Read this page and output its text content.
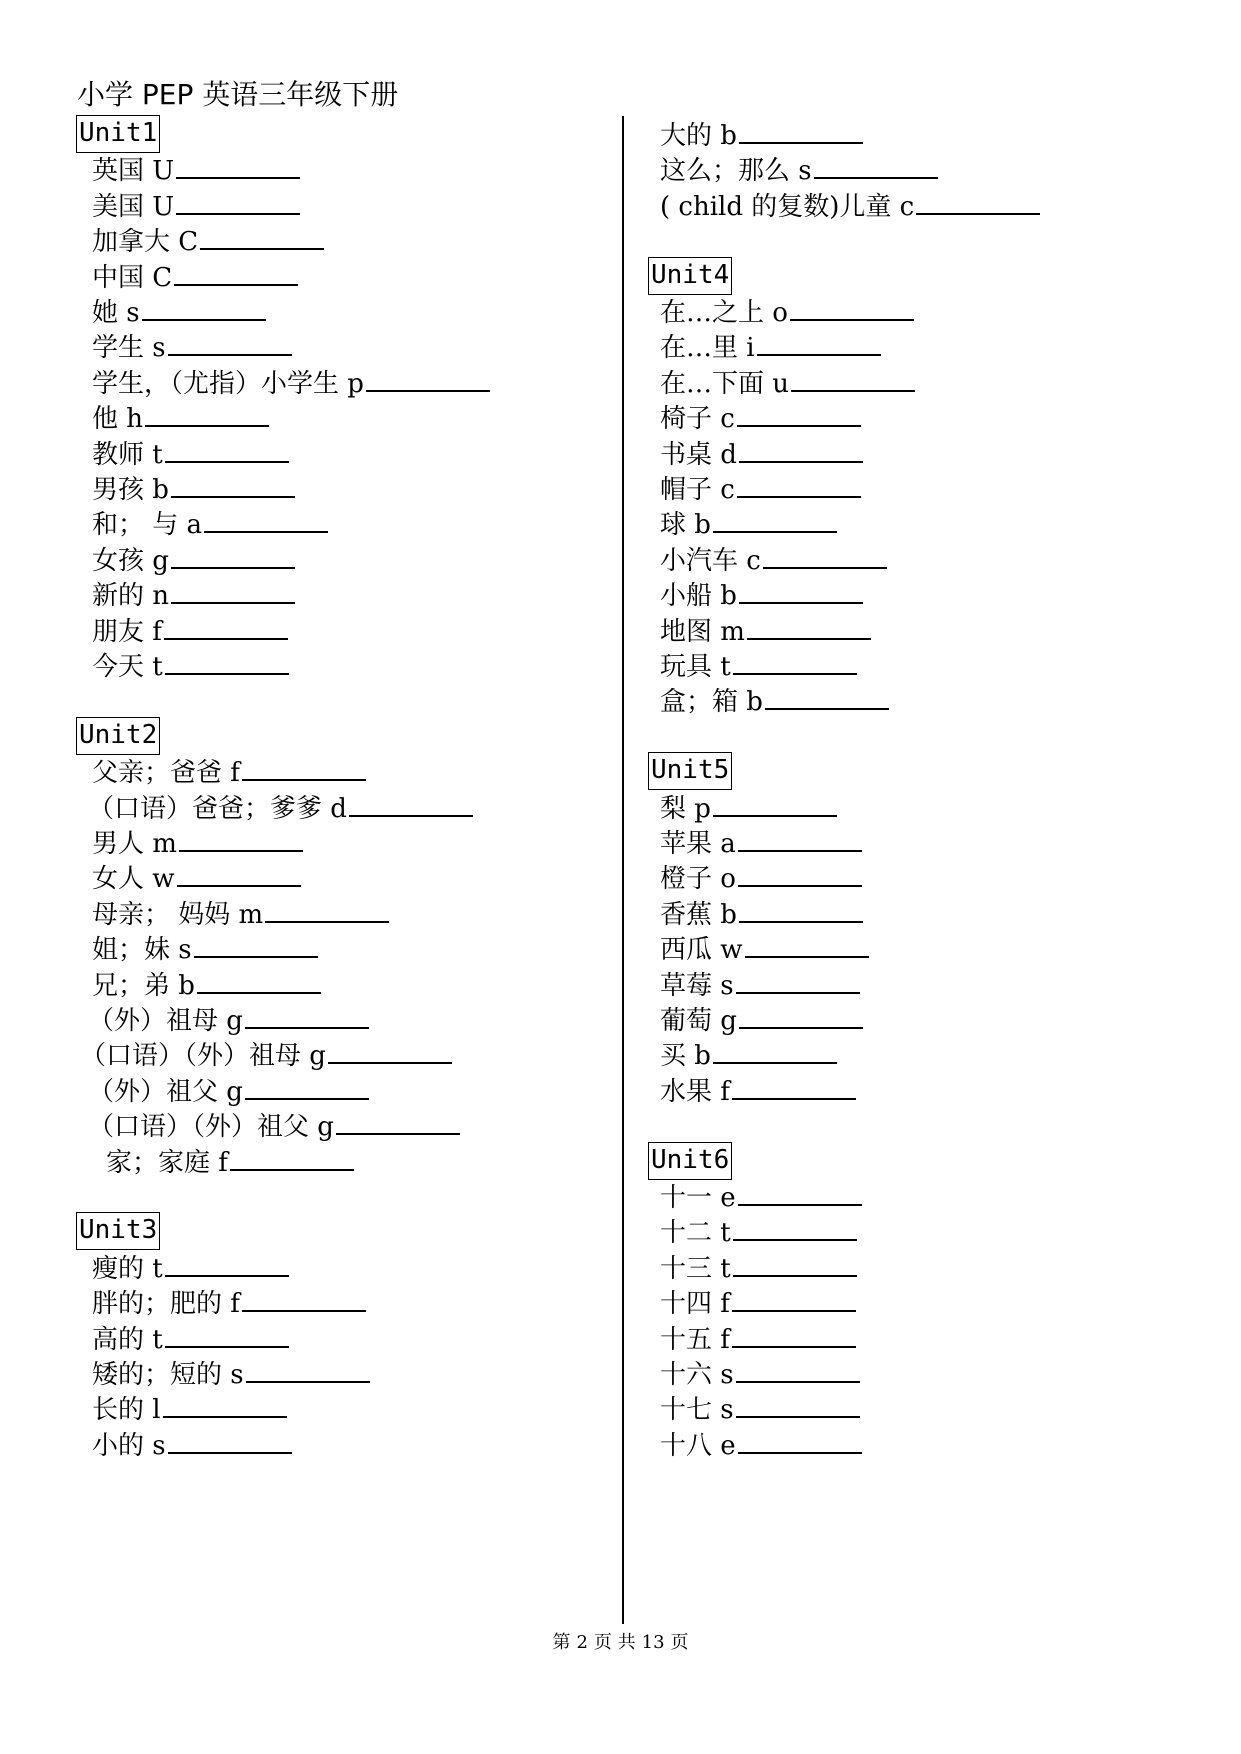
小学 PEP 英语三年级下册
Unit1
英国 U
美国 U
加拿大 C
中国 C
她 s
学生 s
学生，（尤指）小学生 p
他 h
教师 t
男孩 b
和； 与 a
女孩 g
新的 n
朋友 f
今天 t
Unit2
父亲；爸爸 f
（口语）爸爸；爹爹 d
男人 m
女人 w
母亲； 妈妈 m
姐；妹 s
兄；弟 b
（外）祖母 g
（口语）（外）祖母 g
（外）祖父 g
（口语）（外）祖父 g
家；家庭 f
Unit3
瘦的 t
胖的；肥的 f
高的 t
矮的；短的 s
长的 l
小的 s
大的 b
这么；那么 s
( child 的复数)儿童 c
Unit4
在…之上 o
在…里 i
在…下面 u
椅子 c
书桌 d
帽子 c
球 b
小汽车 c
小船 b
地图 m
玩具 t
盒；箱 b
Unit5
梨 p
苹果 a
橙子 o
香蕉 b
西瓜 w
草莓 s
葡萄 g
买 b
水果 f
Unit6
十一 e
十二 t
十三 t
十四 f
十五 f
十六 s
十七 s
十八 e
第 2 页 共 13 页
